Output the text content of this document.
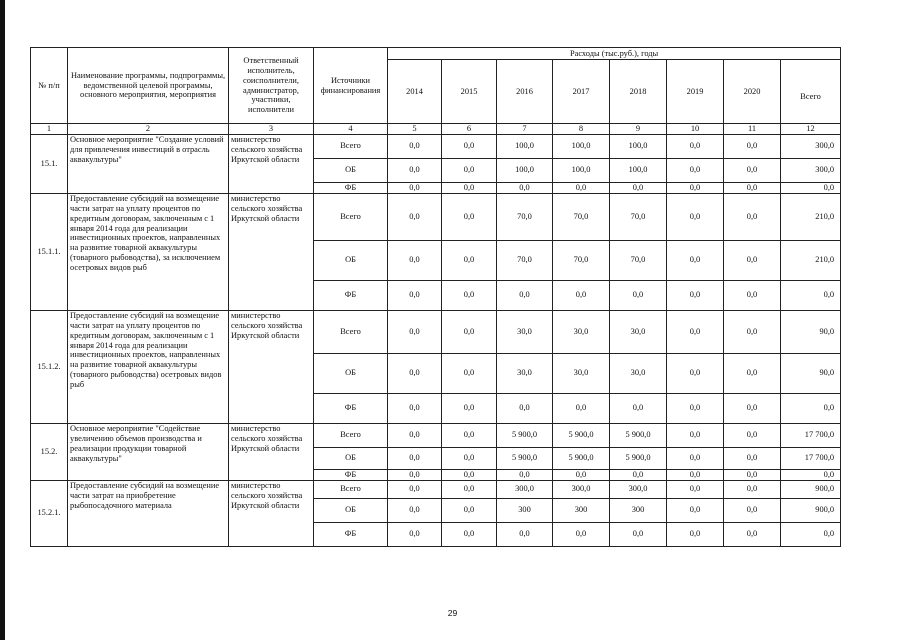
№ п/п	Наименование программы, подпрограммы, ведомственной целевой программы, основного мероприятия, мероприятия	Ответственный исполнитель, соисполнители, администратор, участники, исполнители	Источники финансирования	Расходы (тыс.руб.), годы							
				2014	2015	2016	2017	2018	2019	2020	Всего
1	2	3	4	5	6	7	8	9	10	11	12
15.1.	Основное мероприятие "Создание условий для привлечения инвестиций в отрасль аквакультуры"	министерство сельского хозяйства Иркутской области	Всего	0,0	0,0	100,0	100,0	100,0	0,0	0,0	300,0
			ОБ	0,0	0,0	100,0	100,0	100,0	0,0	0,0	300,0
			ФБ	0,0	0,0	0,0	0,0	0,0	0,0	0,0	0,0
15.1.1.	Предоставление субсидий на возмещение части затрат на уплату процентов по кредитным договорам, заключенным с 1 января 2014 года для реализации инвестиционных проектов, направленных на развитие товарной аквакультуры (товарного рыбоводства), за исключением осетровых видов рыб	министерство сельского хозяйства Иркутской области	Всего	0,0	0,0	70,0	70,0	70,0	0,0	0,0	210,0
			ОБ	0,0	0,0	70,0	70,0	70,0	0,0	0,0	210,0
			ФБ	0,0	0,0	0,0	0,0	0,0	0,0	0,0	0,0
15.1.2.	Предоставление субсидий на возмещение части затрат на уплату процентов по кредитным договорам, заключенным с 1 января 2014 года для реализации инвестиционных проектов, направленных на развитие товарной аквакультуры (товарного рыбоводства) осетровых видов рыб	министерство сельского хозяйства Иркутской области	Всего	0,0	0,0	30,0	30,0	30,0	0,0	0,0	90,0
			ОБ	0,0	0,0	30,0	30,0	30,0	0,0	0,0	90,0
			ФБ	0,0	0,0	0,0	0,0	0,0	0,0	0,0	0,0
15.2.	Основное мероприятие "Содействие увеличению объемов производства и реализации продукции товарной аквакультуры"	министерство сельского хозяйства Иркутской области	Всего	0,0	0,0	5 900,0	5 900,0	5 900,0	0,0	0,0	17 700,0
			ОБ	0,0	0,0	5 900,0	5 900,0	5 900,0	0,0	0,0	17 700,0
			ФБ	0,0	0,0	0,0	0,0	0,0	0,0	0,0	0,0
15.2.1.	Предоставление субсидий на возмещение части затрат на приобретение рыбопосадочного материала	министерство сельского хозяйства Иркутской области	Всего	0,0	0,0	300,0	300,0	300,0	0,0	0,0	900,0
			ОБ	0,0	0,0	300	300	300	0,0	0,0	900,0
			ФБ	0,0	0,0	0,0	0,0	0,0	0,0	0,0	0,0
29
